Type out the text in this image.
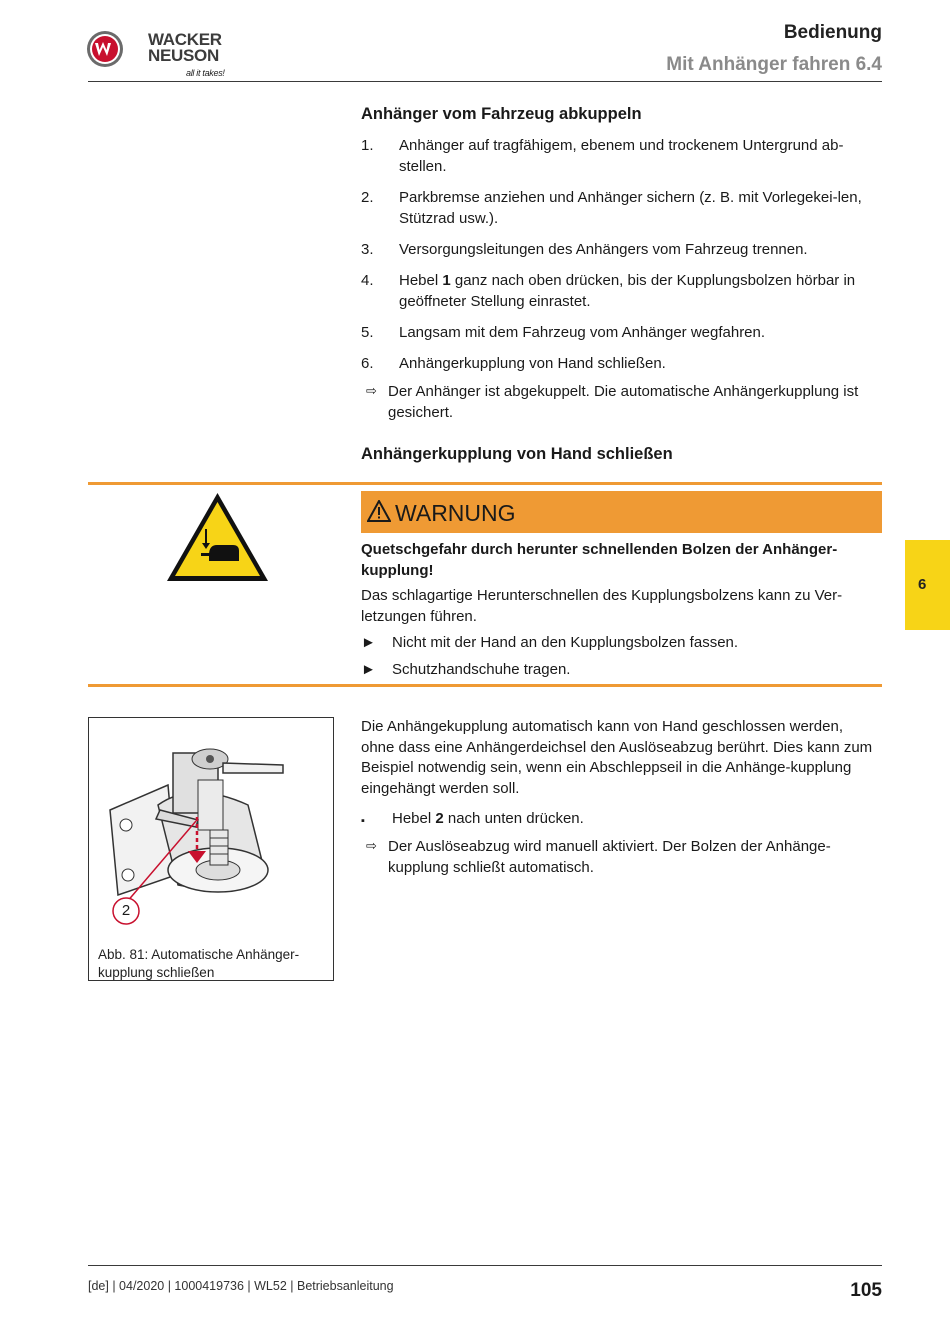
WACKER
NEUSON
all it takes!
Bedienung
Mit Anhänger fahren 6.4
Anhänger vom Fahrzeug abkuppeln
1. Anhänger auf tragfähigem, ebenem und trockenem Untergrund ab-stellen.
2. Parkbremse anziehen und Anhänger sichern (z. B. mit Vorlegekei-len, Stützrad usw.).
3. Versorgungsleitungen des Anhängers vom Fahrzeug trennen.
4. Hebel 1 ganz nach oben drücken, bis der Kupplungsbolzen hörbar in geöffneter Stellung einrastet.
5. Langsam mit dem Fahrzeug vom Anhänger wegfahren.
6. Anhängerkupplung von Hand schließen.
⇨ Der Anhänger ist abgekuppelt. Die automatische Anhängerkupplung ist gesichert.
Anhängerkupplung von Hand schließen
WARNUNG
Quetschgefahr durch herunter schnellenden Bolzen der Anhänger-kupplung!
Das schlagartige Herunterschnellen des Kupplungsbolzens kann zu Ver-letzungen führen.
► Nicht mit der Hand an den Kupplungsbolzen fassen.
► Schutzhandschuhe tragen.
6
2
Abb. 81: Automatische Anhänger-kupplung schließen
Die Anhängekupplung automatisch kann von Hand geschlossen werden, ohne dass eine Anhängerdeichsel den Auslöseabzug berührt. Dies kann zum Beispiel notwendig sein, wenn ein Abschleppseil in die Anhänge-kupplung eingehängt werden soll.
▪ Hebel 2 nach unten drücken.
⇨ Der Auslöseabzug wird manuell aktiviert. Der Bolzen der Anhänge-kupplung schließt automatisch.
[de] | 04/2020 | 1000419736 | WL52 | Betriebsanleitung	105
